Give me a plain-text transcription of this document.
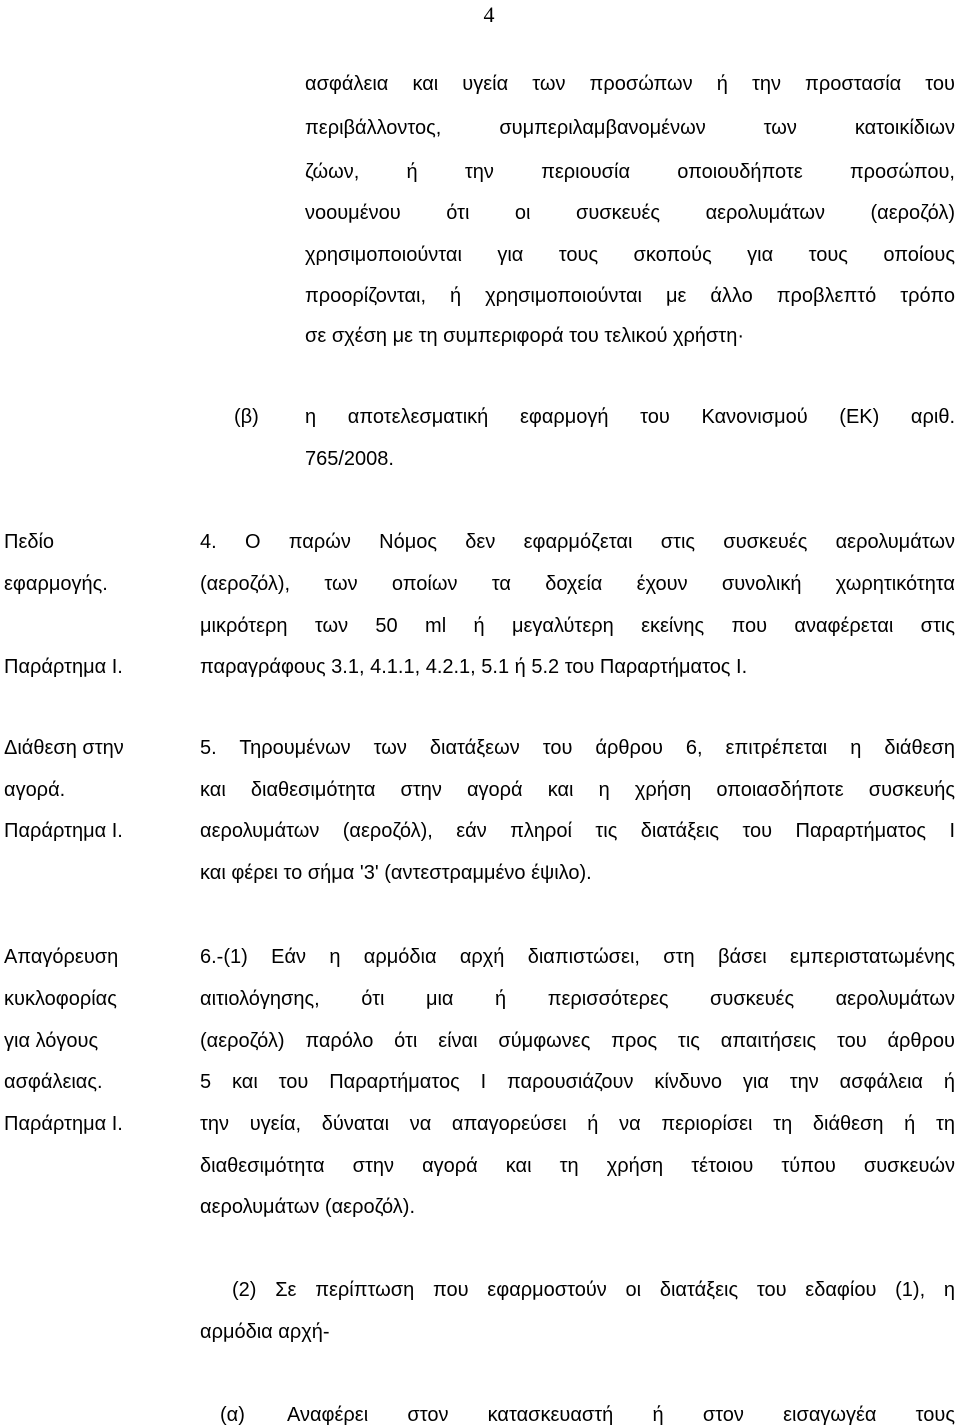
4
ασφάλεια και υγεία των προσώπων ή την προστασία του
περιβάλλοντος, συμπεριλαμβανομένων των κατοικίδιων
ζώων, ή την περιουσία οποιουδήποτε προσώπου,
νοουμένου ότι οι συσκευές αερολυμάτων (αεροζόλ)
χρησιμοποιούνται για τους σκοπούς για τους οποίους
προορίζονται, ή χρησιμοποιούνται με άλλο προβλεπτό τρόπο
σε σχέση με τη συμπεριφορά του τελικού χρήστη·
(β) η αποτελεσματική εφαρμογή του Κανονισμού (ΕΚ) αριθ.
765/2008.
Πεδίο
εφαρμογής.
Παράρτημα Ι.
4. Ο παρών Νόμος δεν εφαρμόζεται στις συσκευές αερολυμάτων
(αεροζόλ), των οποίων τα δοχεία έχουν συνολική χωρητικότητα
μικρότερη των 50 ml ή μεγαλύτερη εκείνης που αναφέρεται στις
παραγράφους 3.1, 4.1.1, 4.2.1, 5.1 ή 5.2 του Παραρτήματος Ι.
Διάθεση στην
αγορά.
Παράρτημα Ι.
5. Τηρουμένων των διατάξεων του άρθρου 6, επιτρέπεται η διάθεση
και διαθεσιμότητα στην αγορά και η χρήση οποιασδήποτε συσκευής
αερολυμάτων (αεροζόλ), εάν πληροί τις διατάξεις του Παραρτήματος Ι
και φέρει το σήμα '3' (αντεστραμμένο έψιλο).
Απαγόρευση
κυκλοφορίας
για λόγους
ασφάλειας.
Παράρτημα Ι.
6.-(1) Εάν η αρμόδια αρχή διαπιστώσει, στη βάσει εμπεριστατωμένης
αιτιολόγησης, ότι μια ή περισσότερες συσκευές αερολυμάτων
(αεροζόλ) παρόλο ότι είναι σύμφωνες προς τις απαιτήσεις του άρθρου
5 και του Παραρτήματος Ι παρουσιάζουν κίνδυνο για την ασφάλεια ή
την υγεία, δύναται να απαγορεύσει ή να περιορίσει τη διάθεση ή τη
διαθεσιμότητα στην αγορά και τη χρήση τέτοιου τύπου συσκευών
αερολυμάτων (αεροζόλ).
(2) Σε περίπτωση που εφαρμοστούν οι διατάξεις του εδαφίου (1), η
αρμόδια αρχή-
(α) Αναφέρει στον κατασκευαστή ή στον εισαγωγέα τους
